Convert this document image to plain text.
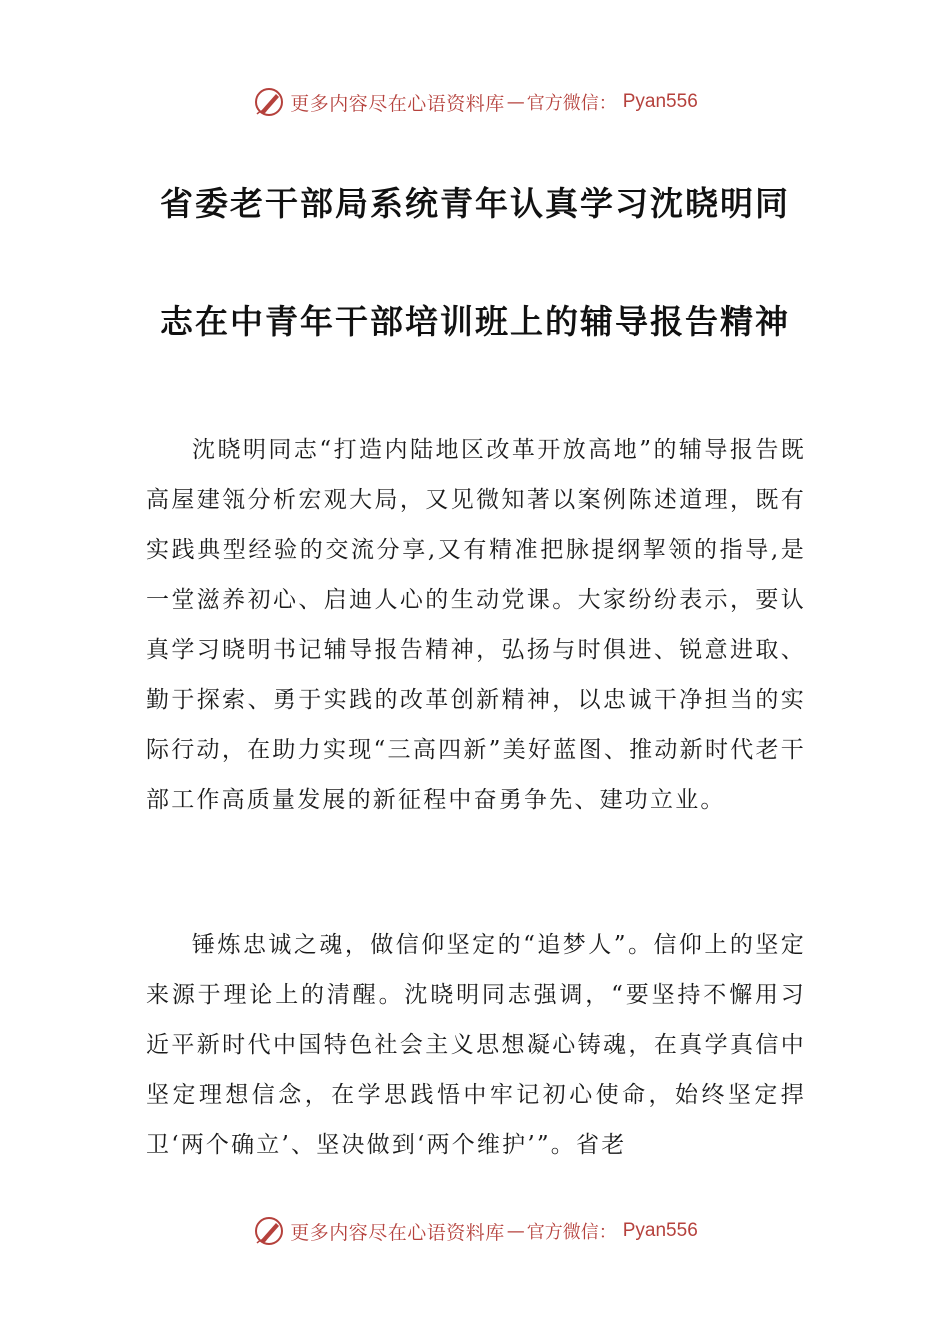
更多内容尽在心语资料库 — 官方微信： Pyan556
省委老干部局系统青年认真学习沈晓明同
志在中青年干部培训班上的辅导报告精神

沈晓明同志“打造内陆地区改革开放高地”的辅导报告既高屋建瓴分析宏观大局，又见微知著以案例陈述道理，既有实践典型经验的交流分享,又有精准把脉提纲挈领的指导,是一堂滋养初心、启迪人心的生动党课。大家纷纷表示，要认真学习晓明书记辅导报告精神，弘扬与时俱进、锐意进取、勤于探索、勇于实践的改革创新精神，以忠诚干净担当的实际行动，在助力实现“三高四新”美好蓝图、推动新时代老干部工作高质量发展的新征程中奋勇争先、建功立业。

锤炼忠诚之魂，做信仰坚定的“追梦人”。信仰上的坚定来源于理论上的清醒。沈晓明同志强调，“要坚持不懈用习近平新时代中国特色社会主义思想凝心铸魂，在真学真信中坚定理想信念，在学思践悟中牢记初心使命，始终坚定捍卫‘两个确立’、坚决做到‘两个维护’”。省老

更多内容尽在心语资料库 — 官方微信： Pyan556
